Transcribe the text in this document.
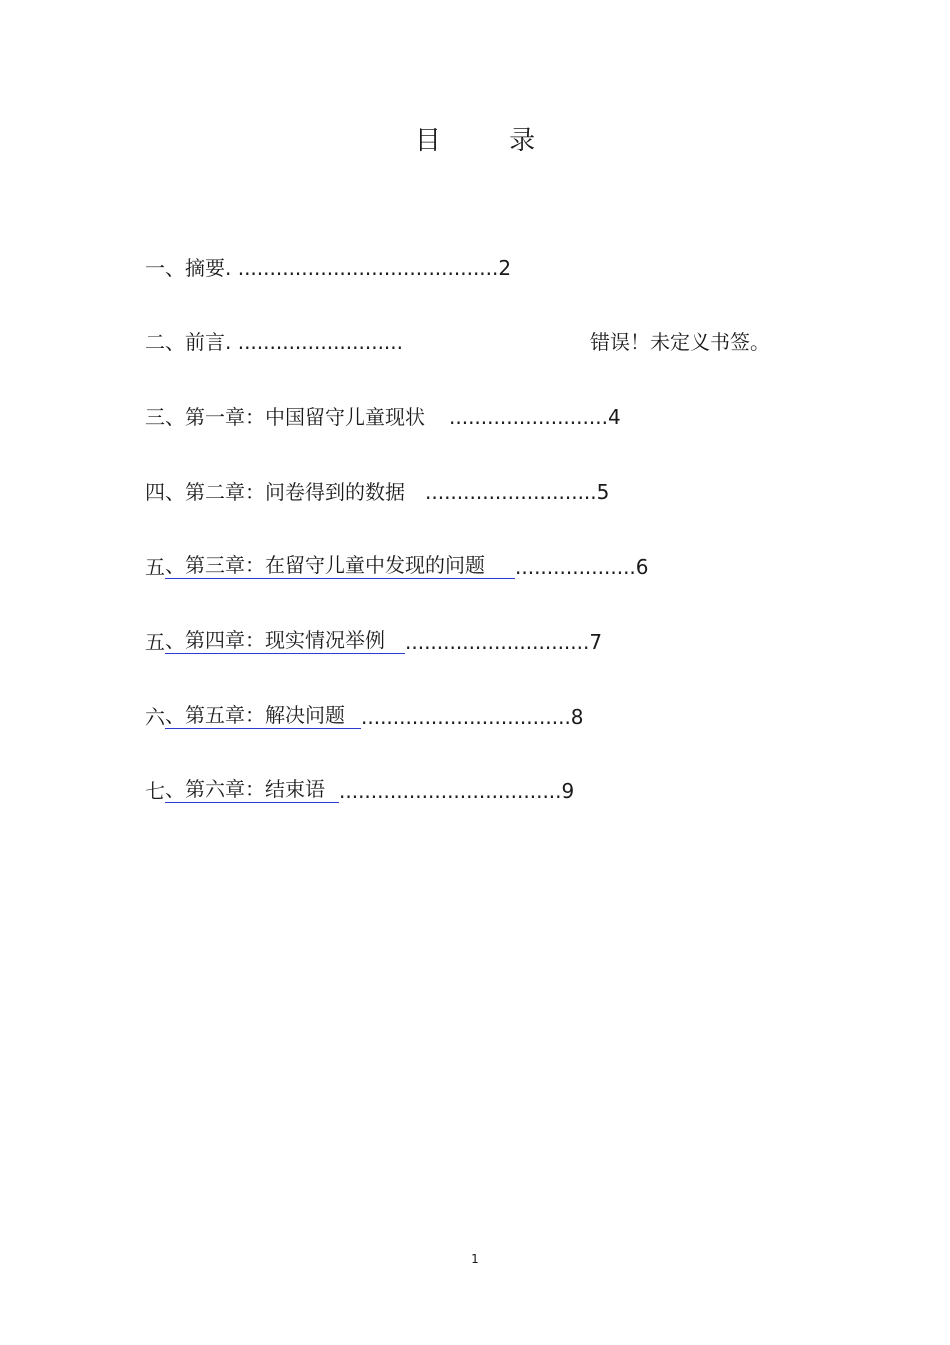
目 录
一、摘要. .........................................2
二、前言. ..........................	错误！未定义书签。
三、第一章：中国留守儿童现状.........................4
四、第二章：问卷得到的数据...........................5
五、第三章：在留守儿童中发现的问题...................6
五、第四章：现实情况举例.............................7
六、第五章：解决问题.................................8
七、第六章：结束语...................................9
1
